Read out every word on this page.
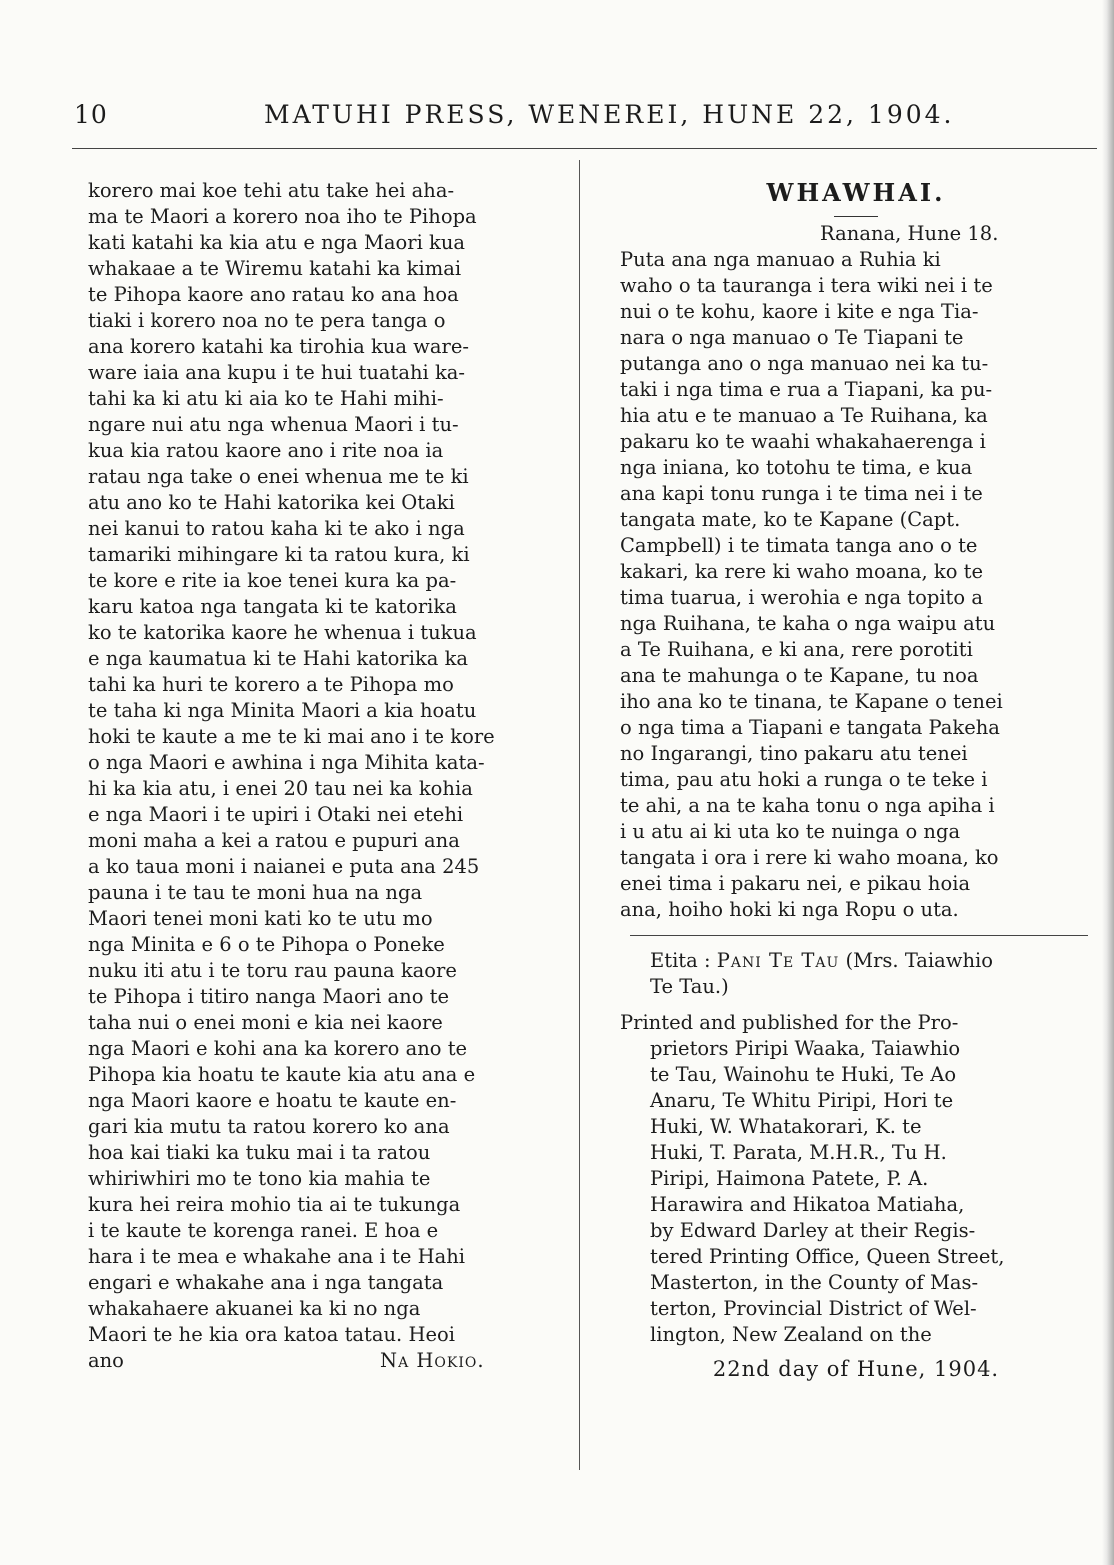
10	MATUHI PRESS, WENEREI, HUNE 22, 1904.

korero mai koe tehi atu take hei aha-
ma te Maori a korero noa iho te Pihopa
kati katahi ka kia atu e nga Maori kua
whakaae a te Wiremu katahi ka kimai
te Pihopa kaore ano ratau ko ana hoa
tiaki i korero noa no te pera tanga o
ana korero katahi ka tirohia kua ware-
ware iaia ana kupu i te hui tuatahi ka-
tahi ka ki atu ki aia ko te Hahi mihi-
ngare nui atu nga whenua Maori i tu-
kua kia ratou kaore ano i rite noa ia
ratau nga take o enei whenua me te ki
atu ano ko te Hahi katorika kei Otaki
nei kanui to ratou kaha ki te ako i nga
tamariki mihingare ki ta ratou kura, ki
te kore e rite ia koe tenei kura ka pa-
karu katoa nga tangata ki te katorika
ko te katorika kaore he whenua i tukua
e nga kaumatua ki te Hahi katorika ka
tahi ka huri te korero a te Pihopa mo
te taha ki nga Minita Maori a kia hoatu
hoki te kaute a me te ki mai ano i te kore
o nga Maori e awhina i nga Mihita kata-
hi ka kia atu, i enei 20 tau nei ka kohia
e nga Maori i te upiri i Otaki nei etehi
moni maha a kei a ratou e pupuri ana
a ko taua moni i naianei e puta ana 245
pauna i te tau te moni hua na nga
Maori tenei moni kati ko te utu mo
nga Minita e 6 o te Pihopa o Poneke
nuku iti atu i te toru rau pauna kaore
te Pihopa i titiro nanga Maori ano te
taha nui o enei moni e kia nei kaore
nga Maori e kohi ana ka korero ano te
Pihopa kia hoatu te kaute kia atu ana e
nga Maori kaore e hoatu te kaute en-
gari kia mutu ta ratou korero ko ana
hoa kai tiaki ka tuku mai i ta ratou
whiriwhiri mo te tono kia mahia te
kura hei reira mohio tia ai te tukunga
i te kaute te korenga ranei. E hoa e
hara i te mea e whakahe ana i te Hahi
engari e whakahe ana i nga tangata
whakahaere akuanei ka ki no nga
Maori te he kia ora katoa tatau. Heoi

ano	Na Hokio.
WHAWHAI.

Ranana, Hune 18.

Puta ana nga manuao a Ruhia ki
waho o ta tauranga i tera wiki nei i te
nui o te kohu, kaore i kite e nga Tia-
nara o nga manuao o Te Tiapani te
putanga ano o nga manuao nei ka tu-
taki i nga tima e rua a Tiapani, ka pu-
hia atu e te manuao a Te Ruihana, ka
pakaru ko te waahi whakahaerenga i
nga iniana, ko totohu te tima, e kua
ana kapi tonu runga i te tima nei i te
tangata mate, ko te Kapane (Capt.
Campbell) i te timata tanga ano o te
kakari, ka rere ki waho moana, ko te
tima tuarua, i werohia e nga topito a
nga Ruihana, te kaha o nga waipu atu
a Te Ruihana, e ki ana, rere porotiti
ana te mahunga o te Kapane, tu noa
iho ana ko te tinana, te Kapane o tenei
o nga tima a Tiapani e tangata Pakeha
no Ingarangi, tino pakaru atu tenei
tima, pau atu hoki a runga o te teke i
te ahi, a na te kaha tonu o nga apiha i
i u atu ai ki uta ko te nuinga o nga
tangata i ora i rere ki waho moana, ko
enei tima i pakaru nei, e pikau hoia
ana, hoiho hoki ki nga Ropu o uta.

Etita : Pani Te Tau (Mrs. Taiawhio
Te Tau.)

Printed and published for the Pro-

prietors Piripi Waaka, Taiawhio
te Tau, Wainohu te Huki, Te Ao
Anaru, Te Whitu Piripi, Hori te
Huki, W. Whatakorari, K. te
Huki, T. Parata, M.H.R., Tu H.
Piripi, Haimona Patete, P. A.
Harawira and Hikatoa Matiaha,
by Edward Darley at their Regis-
tered Printing Office, Queen Street,
Masterton, in the County of Mas-
terton, Provincial District of Wel-
lington, New Zealand on the

22nd day of Hune, 1904.
